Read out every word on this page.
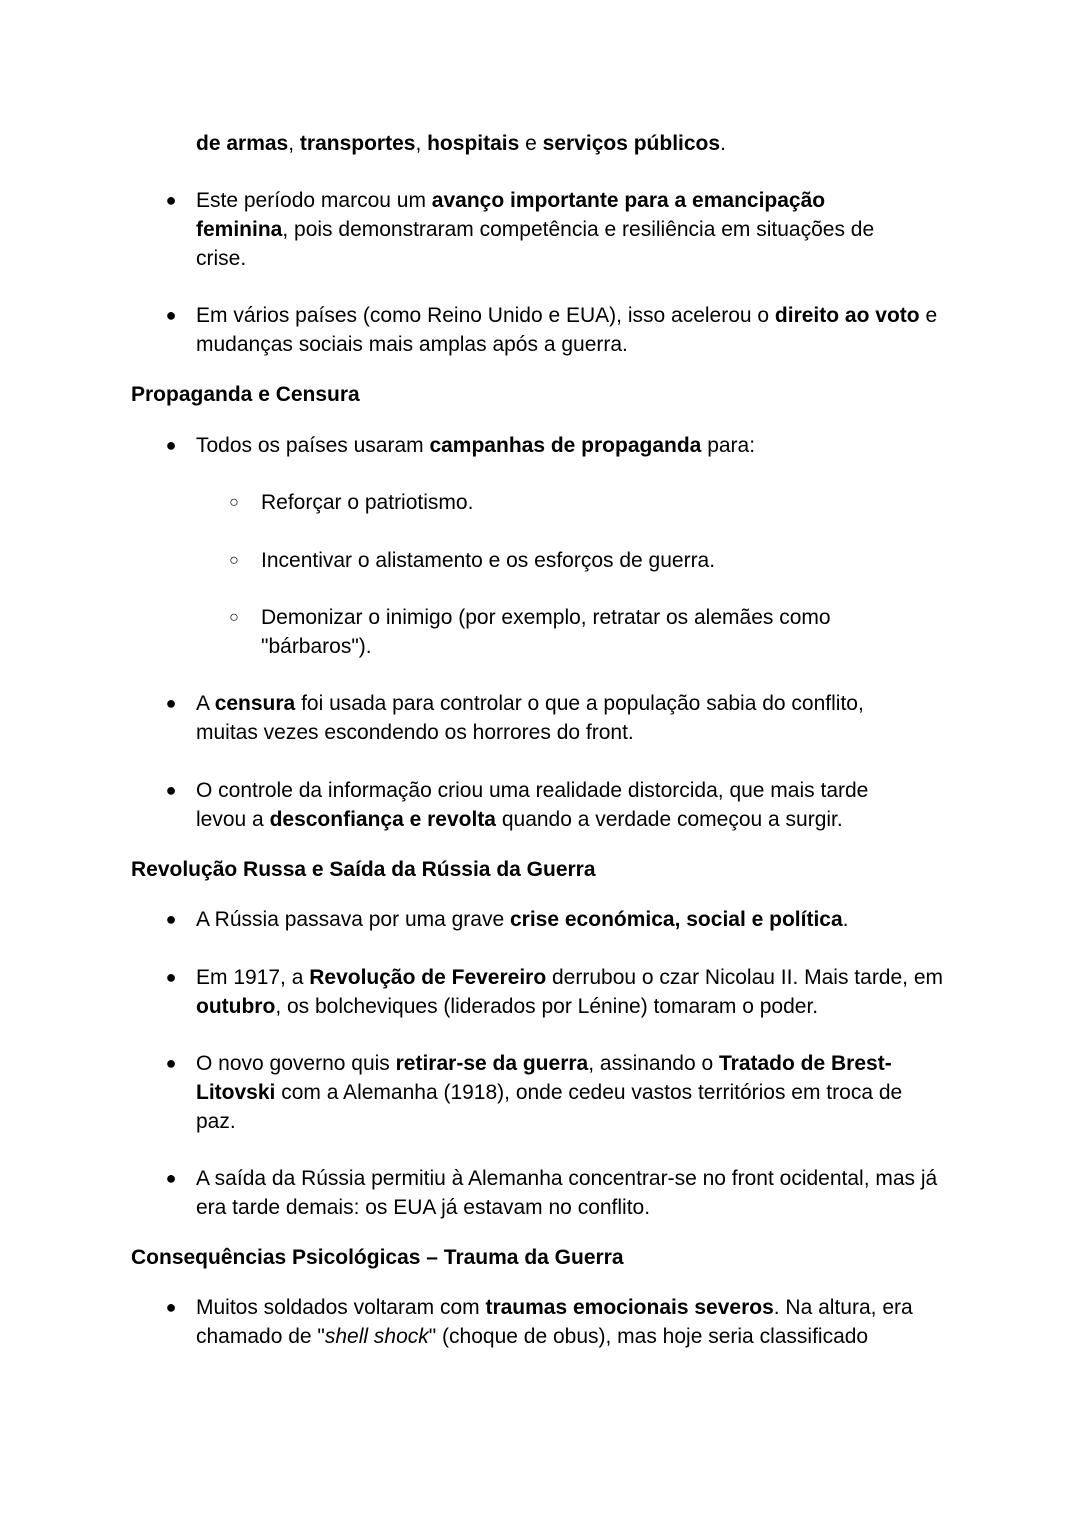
de armas, transportes, hospitais e serviços públicos.
● Este período marcou um avanço importante para a emancipação feminina, pois demonstraram competência e resiliência em situações de crise.
● Em vários países (como Reino Unido e EUA), isso acelerou o direito ao voto e mudanças sociais mais amplas após a guerra.
Propaganda e Censura
● Todos os países usaram campanhas de propaganda para:
○ Reforçar o patriotismo.
○ Incentivar o alistamento e os esforços de guerra.
○ Demonizar o inimigo (por exemplo, retratar os alemães como "bárbaros").
● A censura foi usada para controlar o que a população sabia do conflito, muitas vezes escondendo os horrores do front.
● O controle da informação criou uma realidade distorcida, que mais tarde levou a desconfiança e revolta quando a verdade começou a surgir.
Revolução Russa e Saída da Rússia da Guerra
● A Rússia passava por uma grave crise económica, social e política.
● Em 1917, a Revolução de Fevereiro derrubou o czar Nicolau II. Mais tarde, em outubro, os bolcheviques (liderados por Lénine) tomaram o poder.
● O novo governo quis retirar-se da guerra, assinando o Tratado de Brest-Litovski com a Alemanha (1918), onde cedeu vastos territórios em troca de paz.
● A saída da Rússia permitiu à Alemanha concentrar-se no front ocidental, mas já era tarde demais: os EUA já estavam no conflito.
Consequências Psicológicas – Trauma da Guerra
● Muitos soldados voltaram com traumas emocionais severos. Na altura, era chamado de "shell shock" (choque de obus), mas hoje seria classificado
